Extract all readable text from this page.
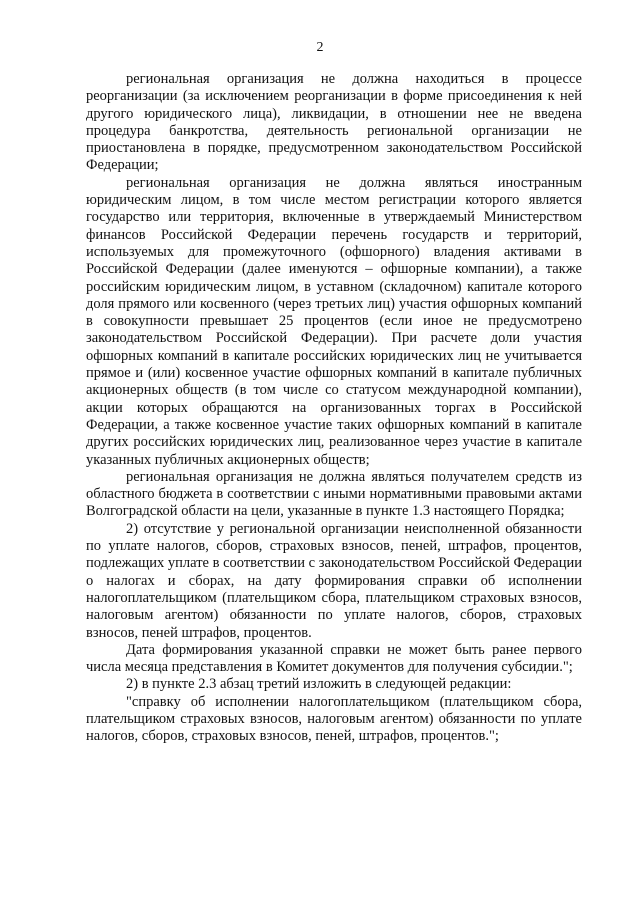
2

региональная организация не должна находиться в процессе реорганизации (за исключением реорганизации в форме присоединения к ней другого юридического лица), ликвидации, в отношении нее не введена процедура банкротства, деятельность региональной организации не приостановлена в порядке, предусмотренном законодательством Российской Федерации;

региональная организация не должна являться иностранным юридическим лицом, в том числе местом регистрации которого является государство или территория, включенные в утверждаемый Министерством финансов Российской Федерации перечень государств и территорий, используемых для промежуточного (офшорного) владения активами в Российской Федерации (далее именуются – офшорные компании), а также российским юридическим лицом, в уставном (складочном) капитале которого доля прямого или косвенного (через третьих лиц) участия офшорных компаний в совокупности превышает 25 процентов (если иное не предусмотрено законодательством Российской Федерации). При расчете доли участия офшорных компаний в капитале российских юридических лиц не учитывается прямое и (или) косвенное участие офшорных компаний в капитале публичных акционерных обществ (в том числе со статусом международной компании), акции которых обращаются на организованных торгах в Российской Федерации, а также косвенное участие таких офшорных компаний в капитале других российских юридических лиц, реализованное через участие в капитале указанных публичных акционерных обществ;

региональная организация не должна являться получателем средств из областного бюджета в соответствии с иными нормативными правовыми актами Волгоградской области на цели, указанные в пункте 1.3 настоящего Порядка;

2) отсутствие у региональной организации неисполненной обязанности по уплате налогов, сборов, страховых взносов, пеней, штрафов, процентов, подлежащих уплате в соответствии с законодательством Российской Федерации о налогах и сборах, на дату формирования справки об исполнении налогоплательщиком (плательщиком сбора, плательщиком страховых взносов, налоговым агентом) обязанности по уплате налогов, сборов, страховых взносов, пеней штрафов, процентов.

Дата формирования указанной справки не может быть ранее первого числа месяца представления в Комитет документов для получения субсидии.";

2) в пункте 2.3 абзац третий изложить в следующей редакции:

"справку об исполнении налогоплательщиком (плательщиком сбора, плательщиком страховых взносов, налоговым агентом) обязанности по уплате налогов, сборов, страховых взносов, пеней, штрафов, процентов.";
